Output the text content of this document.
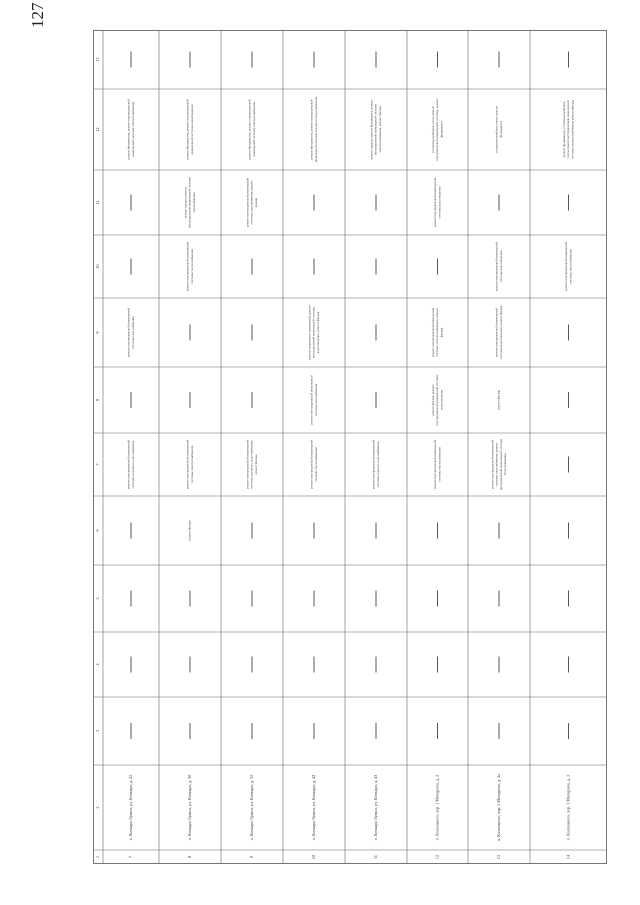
127
1
2
3
4
5
6
7
8
9
10
11
12
13
7
п. Кочкари Лужки, ул. Кочкари, д. 25
ремонт внутридомовой инженерной системы холодного водоснабжения
ремонт внутридомовой инженерной системы газоснабжения
ремонт фундамента, ремонт внутридомовой инженерной системы электроснабжения
8
п. Кочкари Лужки, ул. Кочкари, д. 30
ремонт фасада
ремонт внутридомовой инженерной системы электроснабжения
ремонт внутридомовой инженерной системы теплоснабжения
ремонт крыши, ремонт внутридомовой инженерной системы газоснабжения
ремонт фундамента, ремонт внутридомовой инженерной системы водоотведения
9
п. Кочкари Лужки, ул. Кочкари, д. 35
ремонт внутридомовой инженерной системы холодного водоснабжения, ремонт фасада
ремонт внутридомовой инженерной системы газоснабжения, ремонт крыши
ремонт фундамента, ремонт внутридомовой инженерной системы электроснабжения
10
п. Кочкари Лужки, ул. Кочкари, д. 42
ремонт внутридомовой инженерной системы теплоснабжения
ремонт внутридомовой инженерной системы газоснабжения
ремонт подвальных помещений, ремонт внутридомовой инженерной системы водоотведения, ремонт фасада
ремонт фундамента, ремонт внутридомовой инженерной системы холодного водоснабжения
11
п. Кочкари Лужки, ул. Кочкари, д. 43
ремонт внутридомовой инженерной системы горячего водоснабжения
ремонт крыши, ремонт фундамента, ремонт внутридомовой инженерной системы электроснабжения, ремонт фасада
12
п. Колпашино, пер. 1 Мичурина, д. 2
ремонт внутридомовой инженерной системы теплоснабжения
ремонт фасада, ремонт внутридомовой инженерной системы водоотведения
ремонт внутридомовой инженерной системы электроснабжения, ремонт фасада
ремонт внутридомовой инженерной системы водоотведения
установка приборов учета, ремонт внутридомовой инженерной системы, ремонт фундамента
13
п. Колпашино, пер. 1 Мичурина, д. 2а
ремонт внутридомовой инженерной системы газоснабжения, ремонт внутридомовой инженерной системы теплоснабжения
ремонт фасада
ремонт внутридомовой инженерной системы водоотведения, ремонт фасада
ремонт внутридомовой инженерной системы водоотведения
установка приборов учета, ремонт фундамента
14
п. Колпашино, пер. 1 Мичурина, д. 3
ремонт внутридомовой инженерной системы теплоснабжения
ремонт фундамента, установка приборов учета, ремонт внутридомовой инженерной системы электроснабжения, ремонт фасада
